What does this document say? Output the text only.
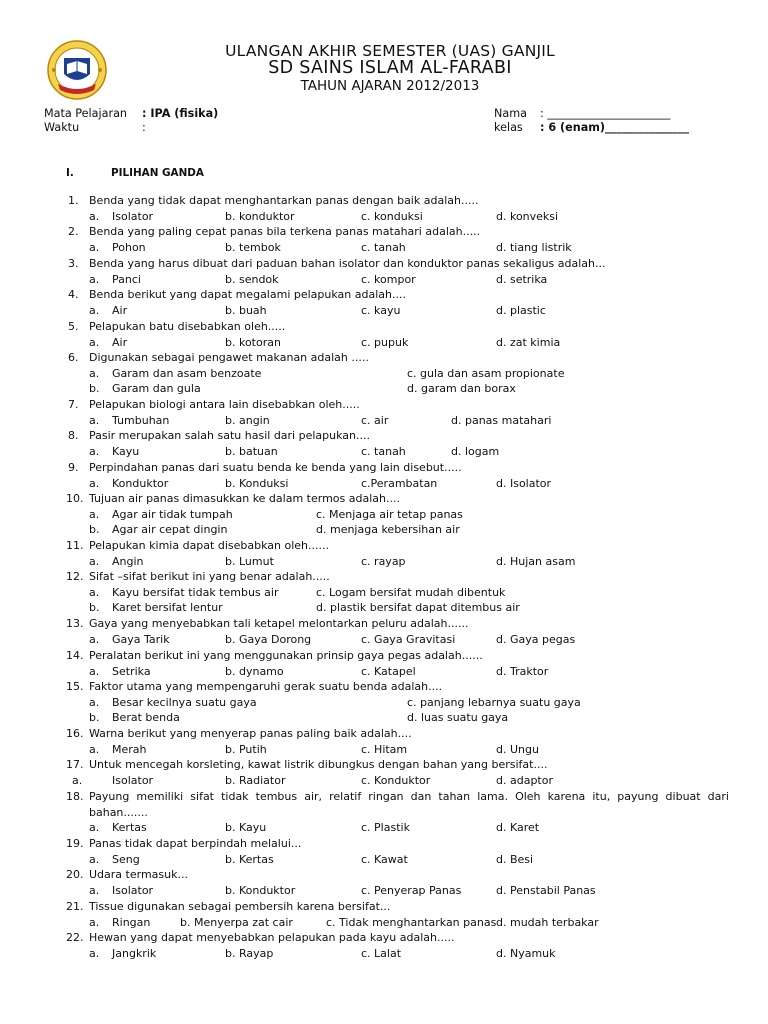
ULANGAN AKHIR SEMESTER (UAS) GANJIL
SD SAINS ISLAM AL-FARABI
TAHUN AJARAN 2012/2013
Mata Pelajaran : IPA (fisika)
Waktu	:
Nama : ______________________
kelas : 6 (enam)_______________
I.	PILIHAN GANDA
1. Benda yang tidak dapat menghantarkan panas dengan baik adalah.....
a. Isolator	b. konduktor	c. konduksi	d. konveksi
2. Benda yang paling cepat panas bila terkena panas matahari adalah.....
a. Pohon	b. tembok	c. tanah	d. tiang listrik
3. Benda yang harus dibuat dari paduan bahan isolator dan konduktor panas sekaligus adalah...
a. Panci	b. sendok	c. kompor	d. setrika
4. Benda berikut yang dapat megalami pelapukan adalah....
a. Air	b. buah	c. kayu	d. plastic
5. Pelapukan batu disebabkan oleh.....
a. Air	b. kotoran	c. pupuk	d. zat kimia
6. Digunakan sebagai pengawet makanan adalah .....
a. Garam dan asam benzoate
b. Garam dan gula
c. gula dan asam propionate
d. garam dan borax
7. Pelapukan biologi antara lain disebabkan oleh.....
a. Tumbuhan	b. angin	c. air	d. panas matahari
8. Pasir merupakan salah satu hasil dari pelapukan....
a. Kayu	b. batuan	c. tanah	d. logam
9. Perpindahan panas dari suatu benda ke benda yang lain disebut.....
a. Konduktor	b. Konduksi	c.Perambatan	d. Isolator
10. Tujuan air panas dimasukkan ke dalam termos adalah....
a. Agar air tidak tumpah
b. Agar air cepat dingin
c. Menjaga air tetap panas
d. menjaga kebersihan air
11. Pelapukan kimia dapat disebabkan oleh......
a. Angin	b. Lumut	c. rayap	d. Hujan asam
12. Sifat –sifat berikut ini yang benar adalah.....
a. Kayu bersifat tidak tembus air
b. Karet bersifat lentur
c. Logam bersifat mudah dibentuk
d. plastik bersifat dapat ditembus air
13. Gaya yang menyebabkan tali ketapel melontarkan peluru adalah......
a. Gaya Tarik	b. Gaya Dorong	c. Gaya Gravitasi	d. Gaya pegas
14. Peralatan berikut ini yang menggunakan prinsip gaya pegas adalah......
a. Setrika	b. dynamo	c. Katapel	d. Traktor
15. Faktor utama yang mempengaruhi gerak suatu benda adalah....
a. Besar kecilnya suatu gaya
b. Berat benda
c. panjang lebarnya suatu gaya
d. luas suatu gaya
16. Warna berikut yang menyerap panas paling baik adalah....
a. Merah	b. Putih	c. Hitam	d. Ungu
17. Untuk mencegah korsleting, kawat listrik dibungkus dengan bahan yang bersifat....
a.	Isolator	b. Radiator	c. Konduktor	d. adaptor
18. Payung memiliki sifat tidak tembus air, relatif ringan dan tahan lama. Oleh karena itu, payung dibuat dari
bahan.......
a. Kertas	b. Kayu	c. Plastik	d. Karet
19. Panas tidak dapat berpindah melalui...
a. Seng	b. Kertas	c. Kawat	d. Besi
20. Udara termasuk...
a. Isolator	b. Konduktor	c. Penyerap Panas	d. Penstabil Panas
21. Tissue digunakan sebagai pembersih karena bersifat...
a. Ringan	b. Menyerpa zat cair	c. Tidak menghantarkan panas d. mudah terbakar
22. Hewan yang dapat menyebabkan pelapukan pada kayu adalah.....
a. Jangkrik	b. Rayap	c. Lalat	d. Nyamuk
